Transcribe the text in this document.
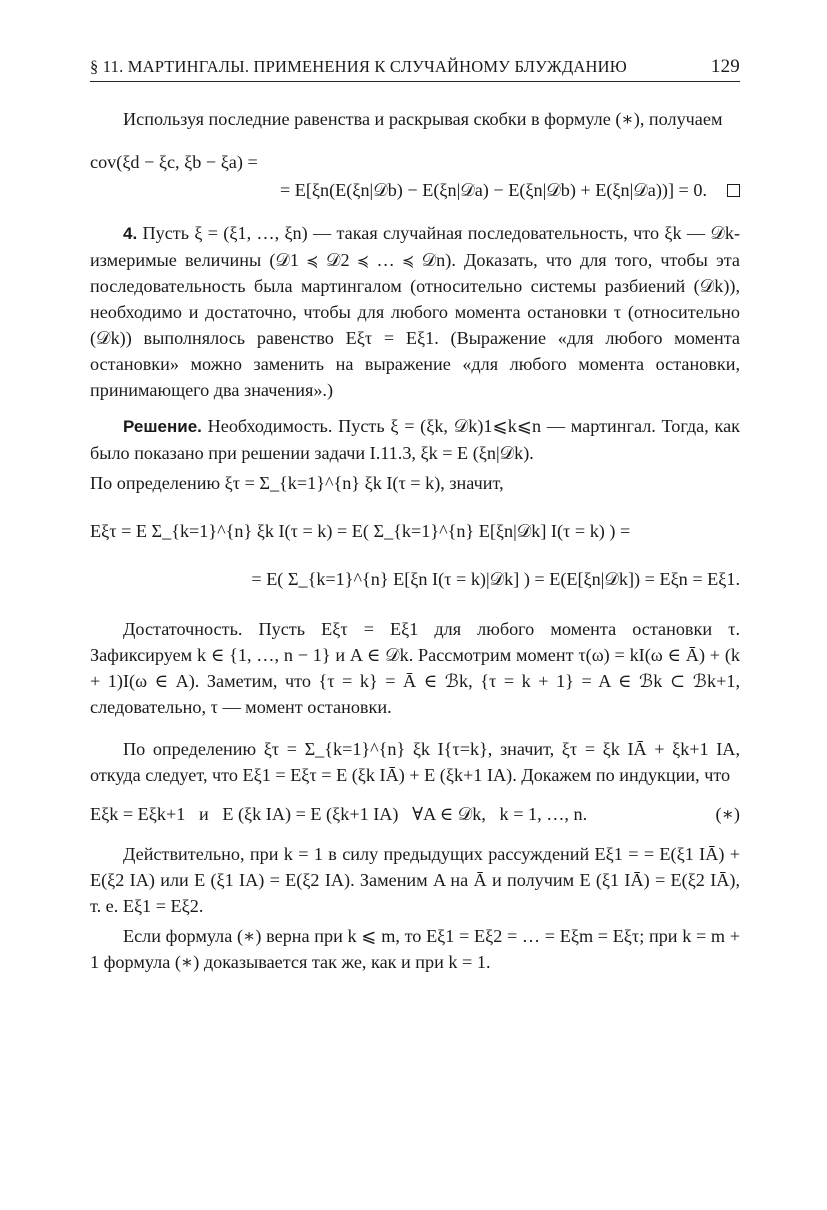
§ 11. МАРТИНГАЛЫ. ПРИМЕНЕНИЯ К СЛУЧАЙНОМУ БЛУЖДАНИЮ	129

Используя последние равенства и раскрывая скобки в формуле (∗), получаем

cov(ξd − ξc, ξb − ξa) =
= E[ξn(E(ξn|𝒟b) − E(ξn|𝒟a) − E(ξn|𝒟b) + E(ξn|𝒟a))] = 0.

4. Пусть ξ = (ξ1, …, ξn) — такая случайная последовательность, что ξk — 𝒟k-измеримые величины (𝒟1 ≼ 𝒟2 ≼ … ≼ 𝒟n). Доказать, что для того, чтобы эта последовательность была мартингалом (относительно системы разбиений (𝒟k)), необходимо и достаточно, чтобы для любого момента остановки τ (относительно (𝒟k)) выполнялось равенство Eξτ = Eξ1. (Выражение «для любого момента остановки» можно заменить на выражение «для любого момента остановки, принимающего два значения».)

Решение. Необходимость. Пусть ξ = (ξk, 𝒟k)1⩽k⩽n — мартингал. Тогда, как было показано при решении задачи I.11.3, ξk = E (ξn|𝒟k).

По определению ξτ = Σ_{k=1}^{n} ξk I(τ = k), значит,

Eξτ = E Σ_{k=1}^{n} ξk I(τ = k) = E( Σ_{k=1}^{n} E[ξn|𝒟k] I(τ = k) ) =
= E( Σ_{k=1}^{n} E[ξn I(τ = k)|𝒟k] ) = E(E[ξn|𝒟k]) = Eξn = Eξ1.

Достаточность. Пусть Eξτ = Eξ1 для любого момента остановки τ. Зафиксируем k ∈ {1, …, n − 1} и A ∈ 𝒟k. Рассмотрим момент τ(ω) = kI(ω ∈ Ā) + (k + 1)I(ω ∈ A). Заметим, что {τ = k} = Ā ∈ ℬk, {τ = k + 1} = A ∈ ℬk ⊂ ℬk+1, следовательно, τ — момент остановки.

По определению ξτ = Σ_{k=1}^{n} ξk I{τ=k}, значит, ξτ = ξk IĀ + ξk+1 IA, откуда следует, что Eξ1 = Eξτ = E (ξk IĀ) + E (ξk+1 IA). Докажем по индукции, что

Eξk = Eξk+1   и   E (ξk IA) = E (ξk+1 IA)   ∀A ∈ 𝒟k,   k = 1, …, n.	(∗)

Действительно, при k = 1 в силу предыдущих рассуждений Eξ1 = = E(ξ1 IĀ) + E(ξ2 IA) или E (ξ1 IA) = E(ξ2 IA). Заменим A на Ā и получим E (ξ1 IĀ) = E(ξ2 IĀ), т. е. Eξ1 = Eξ2.

Если формула (∗) верна при k ⩽ m, то Eξ1 = Eξ2 = … = Eξm = Eξτ; при k = m + 1 формула (∗) доказывается так же, как и при k = 1.
